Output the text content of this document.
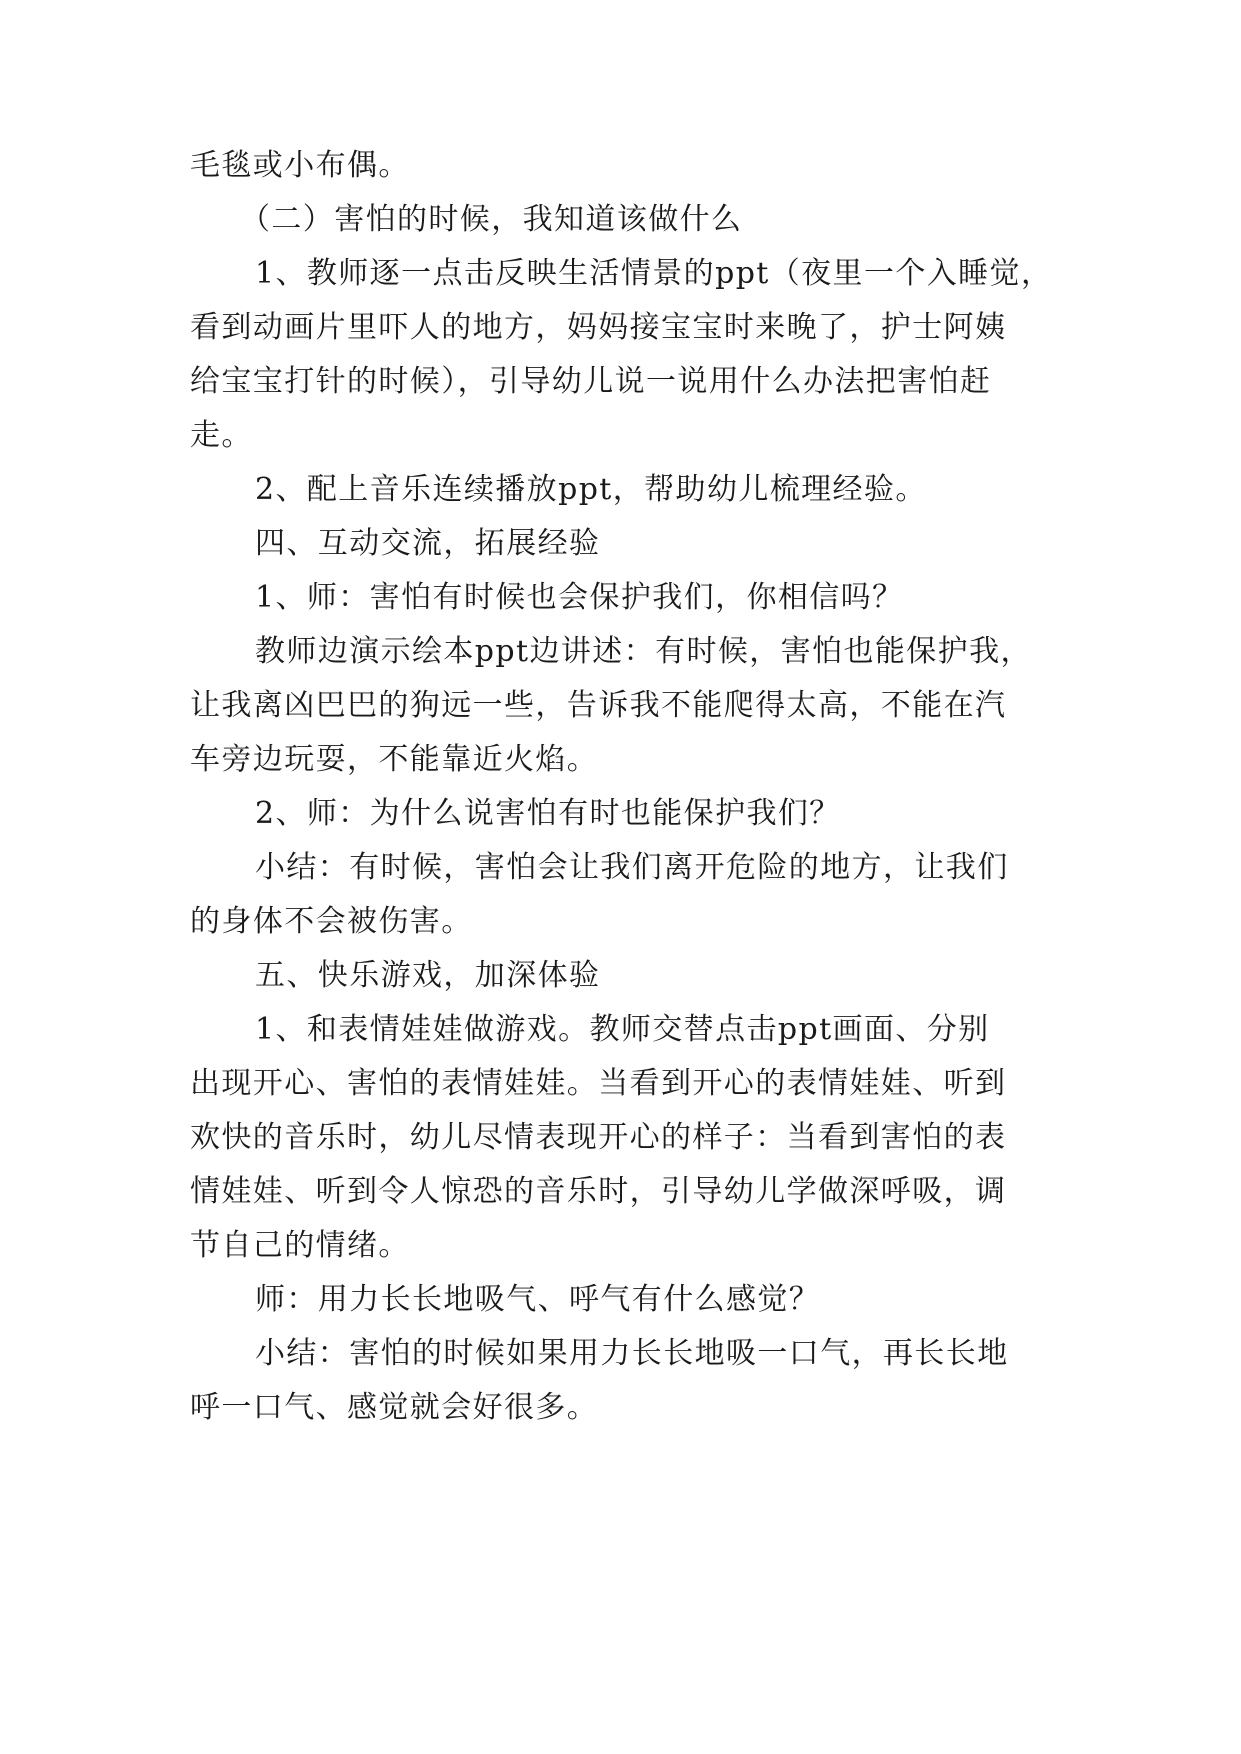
毛毯或小布偶。
（二）害怕的时候，我知道该做什么
1、教师逐一点击反映生活情景的ppt（夜里一个入睡觉，
看到动画片里吓人的地方，妈妈接宝宝时来晚了，护士阿姨
给宝宝打针的时候），引导幼儿说一说用什么办法把害怕赶
走。
2、配上音乐连续播放ppt，帮助幼儿梳理经验。
四、互动交流，拓展经验
1、师：害怕有时候也会保护我们，你相信吗？
教师边演示绘本ppt边讲述：有时候，害怕也能保护我，
让我离凶巴巴的狗远一些，告诉我不能爬得太高，不能在汽
车旁边玩耍，不能靠近火焰。
2、师：为什么说害怕有时也能保护我们？
小结：有时候，害怕会让我们离开危险的地方，让我们
的身体不会被伤害。
五、快乐游戏，加深体验
1、和表情娃娃做游戏。教师交替点击ppt画面、分别
出现开心、害怕的表情娃娃。当看到开心的表情娃娃、听到
欢快的音乐时，幼儿尽情表现开心的样子：当看到害怕的表
情娃娃、听到令人惊恐的音乐时，引导幼儿学做深呼吸，调
节自己的情绪。
师：用力长长地吸气、呼气有什么感觉？
小结：害怕的时候如果用力长长地吸一口气，再长长地
呼一口气、感觉就会好很多。
